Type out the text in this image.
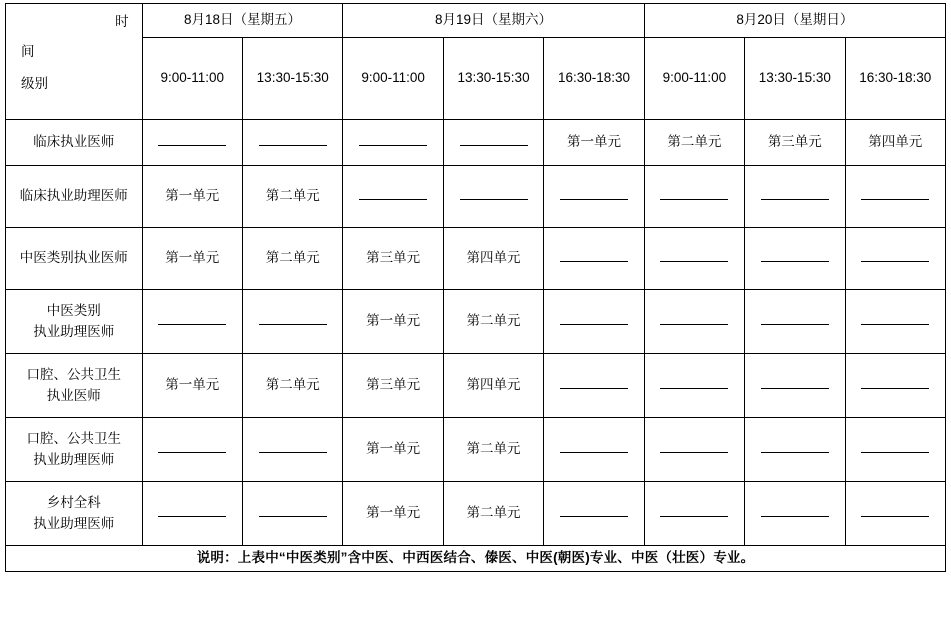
时
间
级别	8月18日（星期五）		8月19日（星期六）			8月20日（星期日）		
	9:00-11:00	13:30-15:30	9:00-11:00	13:30-15:30	16:30-18:30	9:00-11:00	13:30-15:30	16:30-18:30
临床执业医师					第一单元	第二单元	第三单元	第四单元
临床执业助理医师	第一单元	第二单元						
中医类别执业医师	第一单元	第二单元	第三单元	第四单元				

中医类别
执业助理医师			第一单元	第二单元				

口腔、公共卫生
执业医师	第一单元	第二单元	第三单元	第四单元				

口腔、公共卫生
执业助理医师			第一单元	第二单元				

乡村全科
执业助理医师			第一单元	第二单元				
说明：上表中“中医类别”含中医、中西医结合、傣医、中医(朝医)专业、中医（壮医）专业。								
